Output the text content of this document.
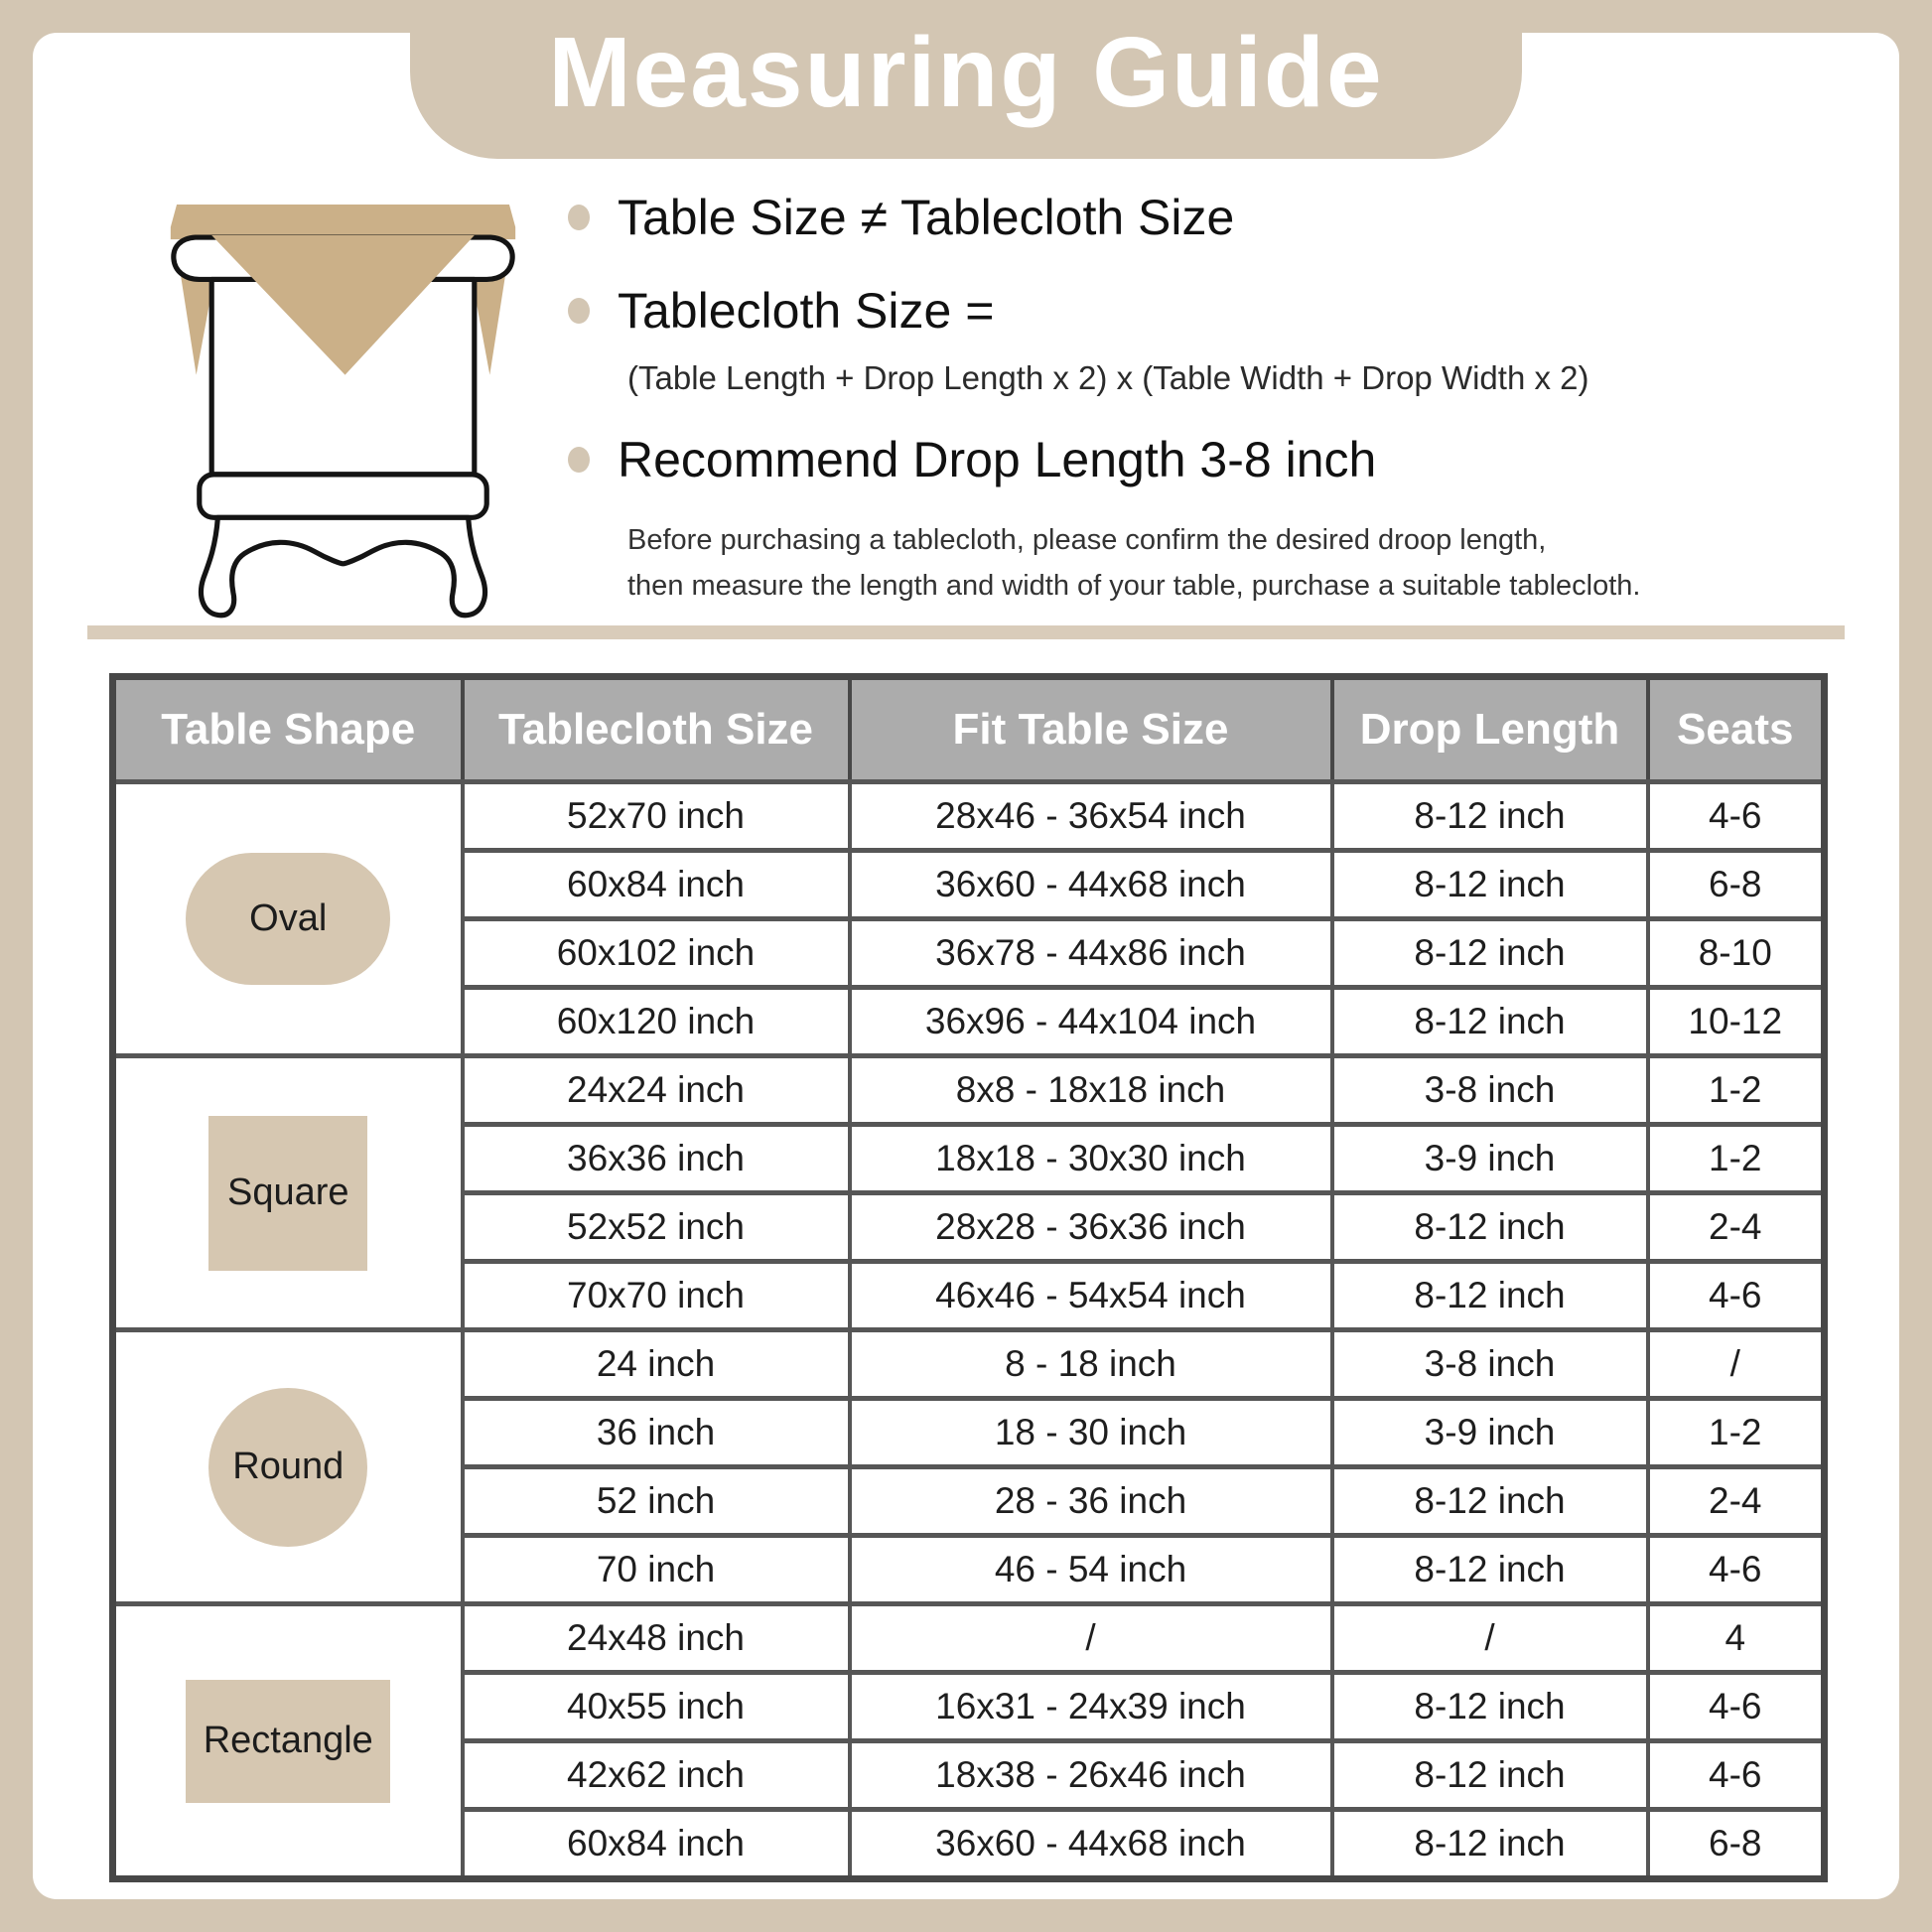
Measuring Guide
Table Size ≠ Tablecloth Size
Tablecloth Size =
(Table Length + Drop Length x 2) x (Table Width + Drop Width x 2)
Recommend Drop Length 3-8 inch
Before purchasing a tablecloth, please confirm the desired droop length,
then measure the length and width of your table, purchase a suitable tablecloth.
Table Shape	Tablecloth Size	Fit Table Size	Drop Length	Seats

Oval	52x70 inch	28x46 - 36x54 inch	8-12 inch	4-6
	60x84 inch	36x60 - 44x68 inch	8-12 inch	6-8
	60x102 inch	36x78 - 44x86 inch	8-12 inch	8-10
	60x120 inch	36x96 - 44x104 inch	8-12 inch	10-12

Square	24x24 inch	8x8 - 18x18 inch	3-8 inch	1-2
	36x36 inch	18x18 - 30x30 inch	3-9 inch	1-2
	52x52 inch	28x28 - 36x36 inch	8-12 inch	2-4
	70x70 inch	46x46 - 54x54 inch	8-12 inch	4-6

Round	24 inch	8 - 18 inch	3-8 inch	/
	36 inch	18 - 30 inch	3-9 inch	1-2
	52 inch	28 - 36 inch	8-12 inch	2-4
	70 inch	46 - 54 inch	8-12 inch	4-6

Rectangle	24x48 inch	/	/	4
	40x55 inch	16x31 - 24x39 inch	8-12 inch	4-6
	42x62 inch	18x38 - 26x46 inch	8-12 inch	4-6
	60x84 inch	36x60 - 44x68 inch	8-12 inch	6-8
